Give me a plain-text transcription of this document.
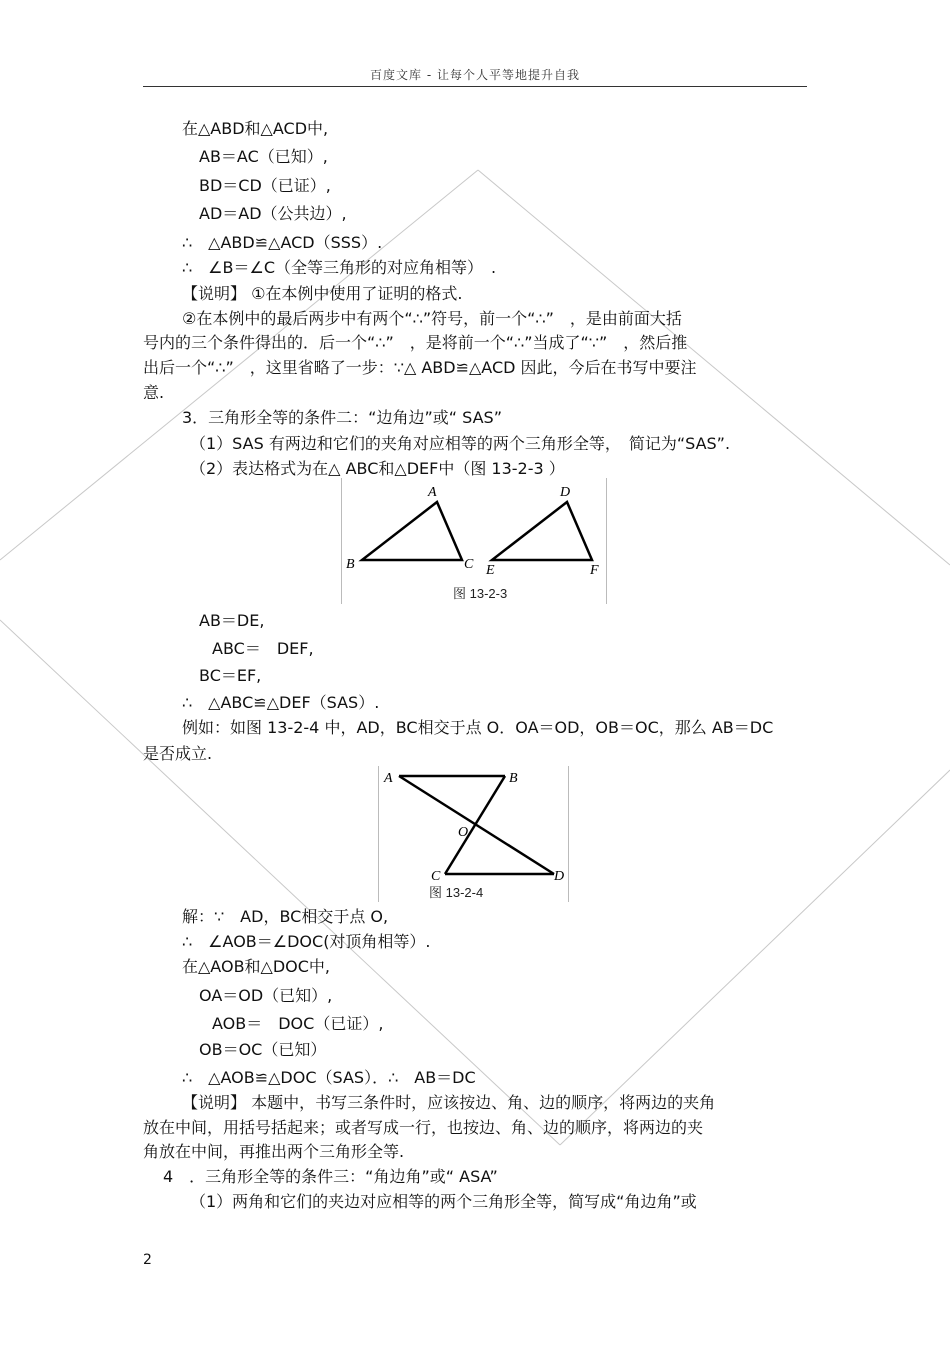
百度文库 - 让每个人平等地提升自我
在△ABD和△ACD中,
AB＝AC（已知）,
BD＝CD（已证）,
AD＝AD（公共边）,
∴　△ABD≌△ACD（SSS）.
∴　∠B＝∠C（全等三角形的对应角相等）　.
【说明】 ①在本例中使用了证明的格式.
②在本例中的最后两步中有两个“∴”符号，前一个“∴”　，是由前面大括
号内的三个条件得出的．后一个“∴”　，是将前一个“∴”当成了“∵”　，然后推
出后一个“∴”　，这里省略了一步：∵△ ABD≌△ACD 因此，今后在书写中要注
意.
3．三角形全等的条件二：“边角边”或“ SAS”
（1）SAS 有两边和它们的夹角对应相等的两个三角形全等，　简记为“SAS”.
（2）表达格式为在△ ABC和△DEF中（图 13-2-3 ）
A
B	C
D
E	F
图 13-2-3
AB＝DE,
ABC＝　DEF,
BC＝EF,
∴　△ABC≌△DEF（SAS）.
例如：如图 13-2-4 中，AD，BC相交于点 O．OA＝OD，OB＝OC，那么 AB＝DC
是否成立.
A	B
O
C	D
图 13-2-4
解：∵　AD，BC相交于点 O,
∴　∠AOB＝∠DOC(对顶角相等）.
在△AOB和△DOC中,
OA＝OD（已知）,
AOB＝　DOC（已证）,
OB＝OC（已知）
∴　△AOB≌△DOC（SAS）．∴　AB＝DC
【说明】 本题中，书写三条件时，应该按边、角、边的顺序，将两边的夹角
放在中间，用括号括起来；或者写成一行，也按边、角、边的顺序，将两边的夹
角放在中间，再推出两个三角形全等.
4　．三角形全等的条件三：“角边角”或“ ASA”
（1）两角和它们的夹边对应相等的两个三角形全等，简写成“角边角”或
2
